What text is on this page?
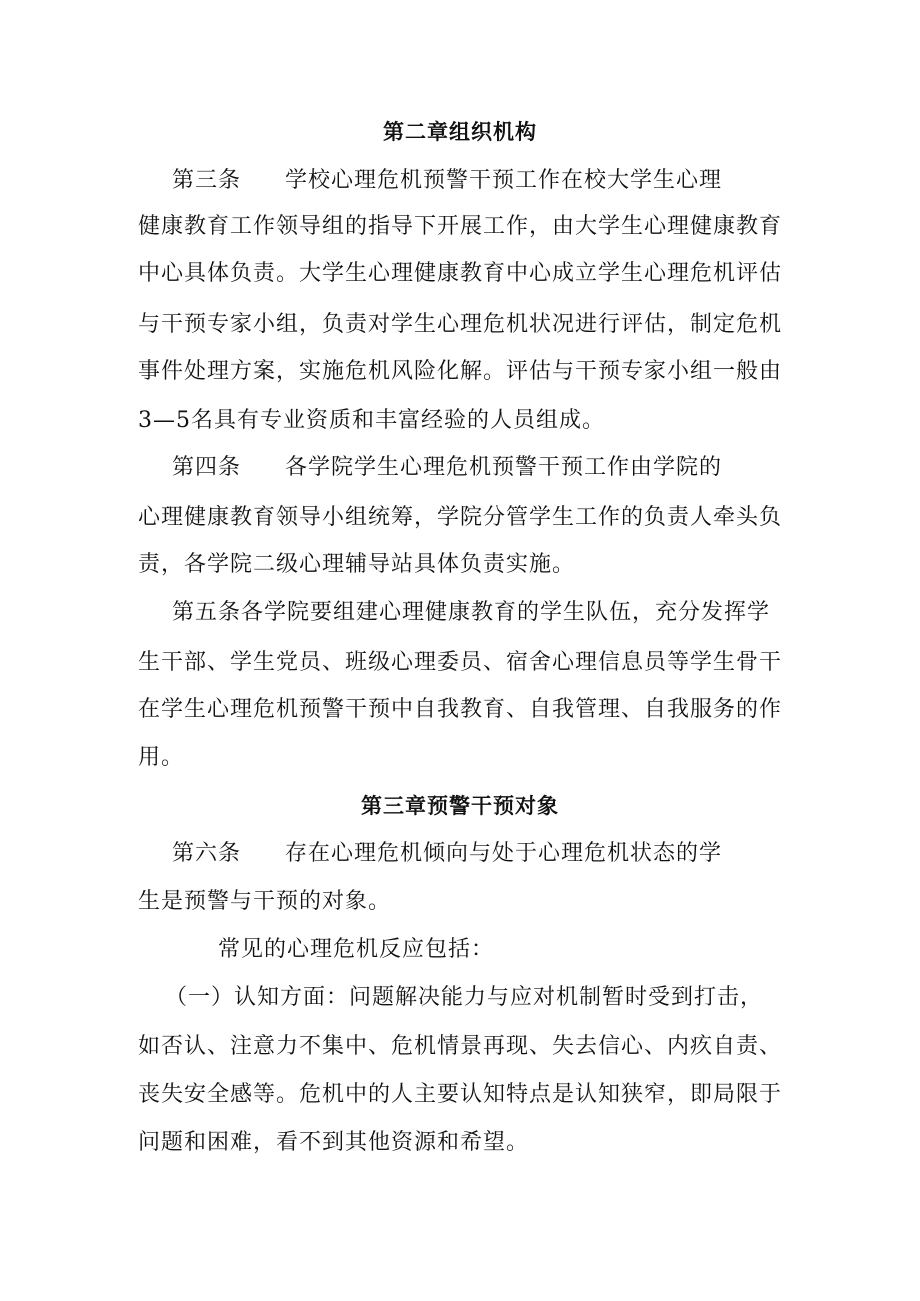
第二章组织机构
第三条 学校心理危机预警干预工作在校大学生心理
健康教育工作领导组的指导下开展工作，由大学生心理健康教育
中心具体负责。大学生心理健康教育中心成立学生心理危机评估
与干预专家小组，负责对学生心理危机状况进行评估，制定危机
事件处理方案，实施危机风险化解。评估与干预专家小组一般由
3—5名具有专业资质和丰富经验的人员组成。
第四条 各学院学生心理危机预警干预工作由学院的
心理健康教育领导小组统筹，学院分管学生工作的负责人牵头负
责，各学院二级心理辅导站具体负责实施。
第五条各学院要组建心理健康教育的学生队伍，充分发挥学
生干部、学生党员、班级心理委员、宿舍心理信息员等学生骨干
在学生心理危机预警干预中自我教育、自我管理、自我服务的作
用。
第三章预警干预对象
第六条 存在心理危机倾向与处于心理危机状态的学
生是预警与干预的对象。
常见的心理危机反应包括：
（一）认知方面：问题解决能力与应对机制暂时受到打击，
如否认、注意力不集中、危机情景再现、失去信心、内疚自责、
丧失安全感等。危机中的人主要认知特点是认知狭窄，即局限于
问题和困难，看不到其他资源和希望。
